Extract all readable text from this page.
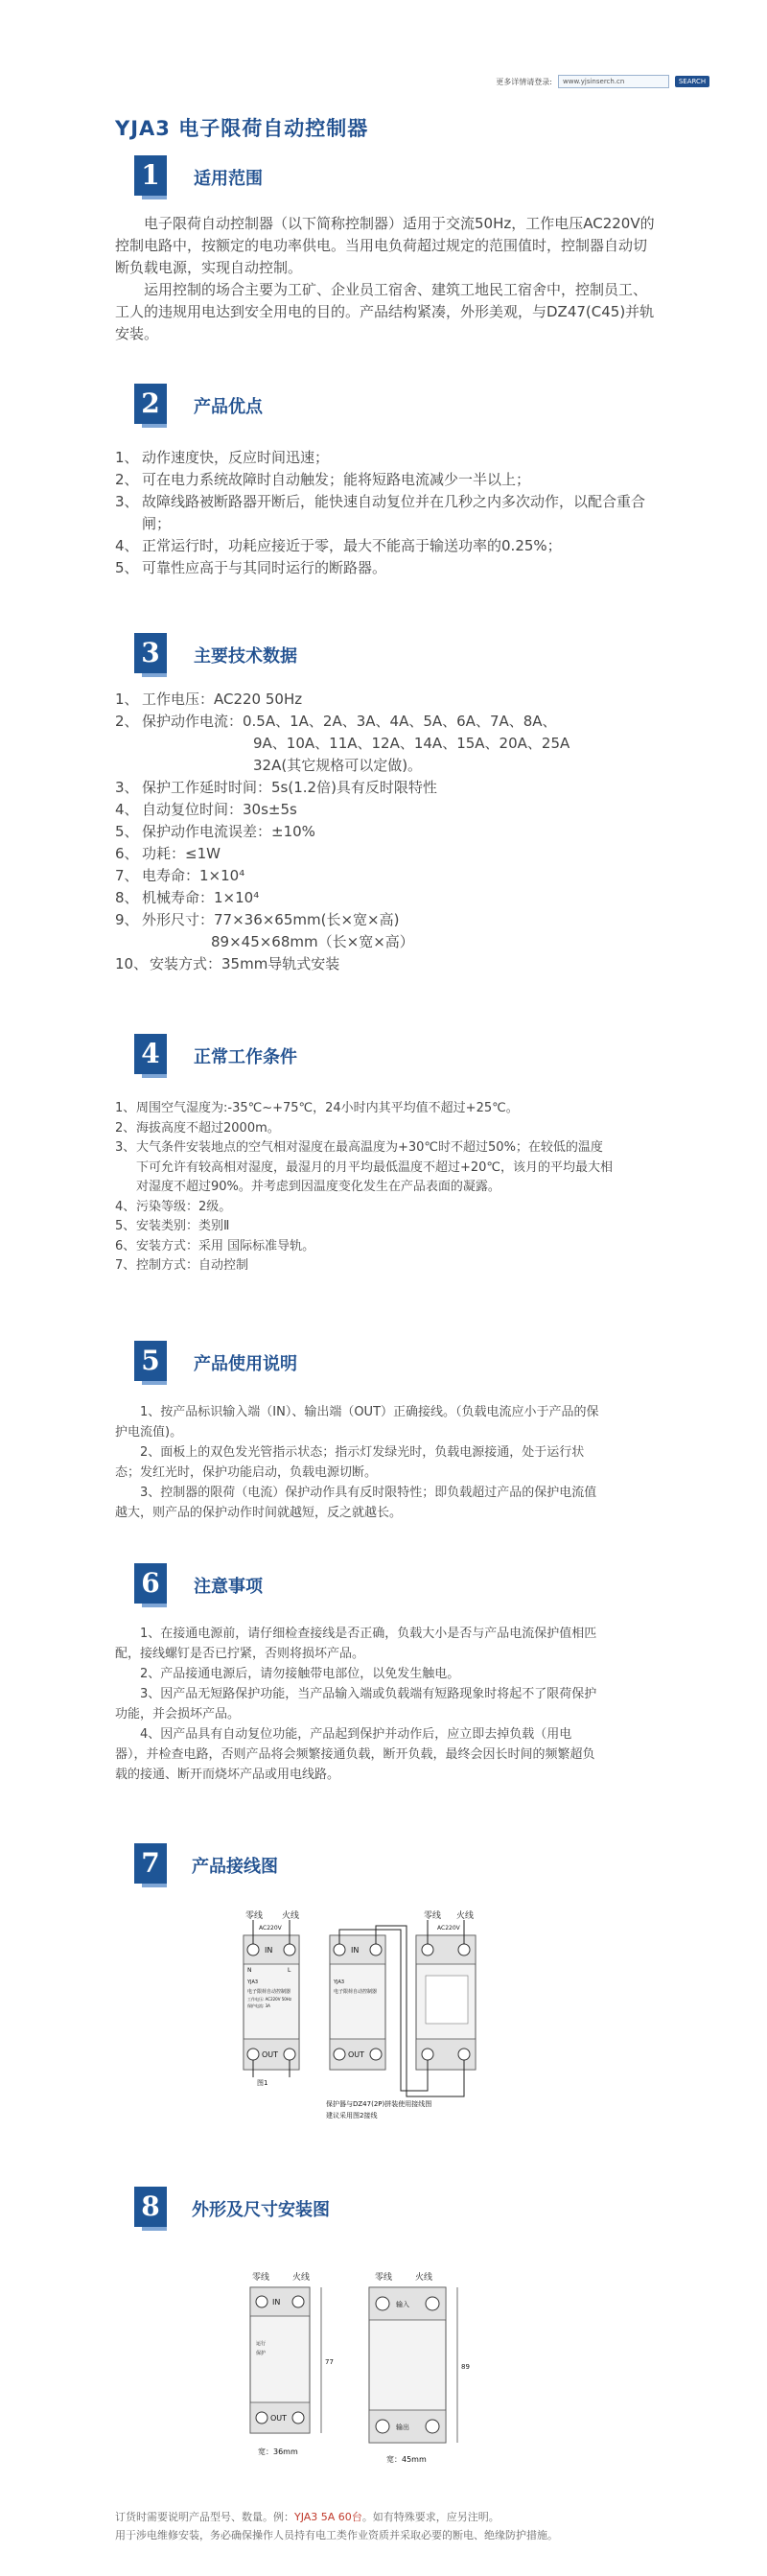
更多详情请登录:	www.yjsinserch.cn	SEARCH
YJA3 电子限荷自动控制器
1	适用范围

电子限荷自动控制器（以下简称控制器）适用于交流50Hz，工作电压AC220V的控制电路中，按额定的电功率供电。当用电负荷超过规定的范围值时，控制器自动切断负载电源，实现自动控制。

运用控制的场合主要为工矿、企业员工宿舍、建筑工地民工宿舍中，控制员工、工人的违规用电达到安全用电的目的。产品结构紧凑，外形美观，与DZ47(C45)并轨安装。

2	产品优点
1、 动作速度快，反应时间迅速；
2、 可在电力系统故障时自动触发；能将短路电流减少一半以上；
3、 故障线路被断路器开断后，能快速自动复位并在几秒之内多次动作，以配合重合闸；
4、 正常运行时，功耗应接近于零，最大不能高于输送功率的0.25%；
5、 可靠性应高于与其同时运行的断路器。
3	主要技术数据
1、 工作电压：AC220 50Hz
2、 保护动作电流：0.5A、1A、2A、3A、4A、5A、6A、7A、8A、
9A、10A、11A、12A、14A、15A、20A、25A
32A(其它规格可以定做)。
3、 保护工作延时时间：5s(1.2倍)具有反时限特性
4、 自动复位时间：30s±5s
5、 保护动作电流误差：±10%
6、 功耗：≤1W
7、 电寿命：1×10⁴
8、 机械寿命：1×10⁴
9、 外形尺寸：77×36×65mm(长×宽×高)
89×45×68mm（长×宽×高）
10、 安装方式：35mm导轨式安装
4	正常工作条件
1、 周围空气湿度为:-35℃~+75℃，24小时内其平均值不超过+25℃。
2、 海拔高度不超过2000m。
3、 大气条件安装地点的空气相对湿度在最高温度为+30℃时不超过50%；在较低的温度下可允许有较高相对湿度，最湿月的月平均最低温度不超过+20℃，该月的平均最大相对湿度不超过90%。并考虑到因温度变化发生在产品表面的凝露。
4、 污染等级：2级。
5、 安装类别：类别Ⅱ
6、 安装方式：采用 国际标准导轨。
7、 控制方式：自动控制
5	产品使用说明

1、按产品标识输入端（IN）、输出端（OUT）正确接线。（负载电流应小于产品的保护电流值)。

2、面板上的双色发光管指示状态；指示灯发绿光时，负载电源接通，处于运行状态；发红光时，保护功能启动，负载电源切断。

3、控制器的限荷（电流）保护动作具有反时限特性；即负载超过产品的保护电流值越大，则产品的保护动作时间就越短，反之就越长。

6	注意事项

1、在接通电源前，请仔细检查接线是否正确，负载大小是否与产品电流保护值相匹配，接线螺钉是否已拧紧，否则将损坏产品。

2、产品接通电源后，请勿接触带电部位，以免发生触电。

3、因产品无短路保护功能，当产品输入端或负载端有短路现象时将起不了限荷保护功能，并会损坏产品。

4、因产品具有自动复位功能，产品起到保护并动作后，应立即去掉负载（用电器），并检查电路，否则产品将会频繁接通负载，断开负载，最终会因长时间的频繁超负载的接通、断开而烧坏产品或用电线路。

7	产品接线图
零线 火线
AC220V
零线 火线
AC220V
IN
N	L
YJA3
电子限荷自动控制器
工作电压: AC220V 50Hz
保护电流: 3A
OUT
图1
IN
YJA3
电子限荷自动控制器
OUT
保护器与DZ47(2P)拼装使用接线图
建议采用图2接线
8	外形及尺寸安装图
零线	火线	零线	火线
IN
运行
保护
OUT
77
宽：36mm
输入
输出
89
宽：45mm
订货时需要说明产品型号、数量。例：YJA3 5A 60台。如有特殊要求，应另注明。
用于涉电维修安装，务必确保操作人员持有电工类作业资质并采取必要的断电、绝缘防护措施。
